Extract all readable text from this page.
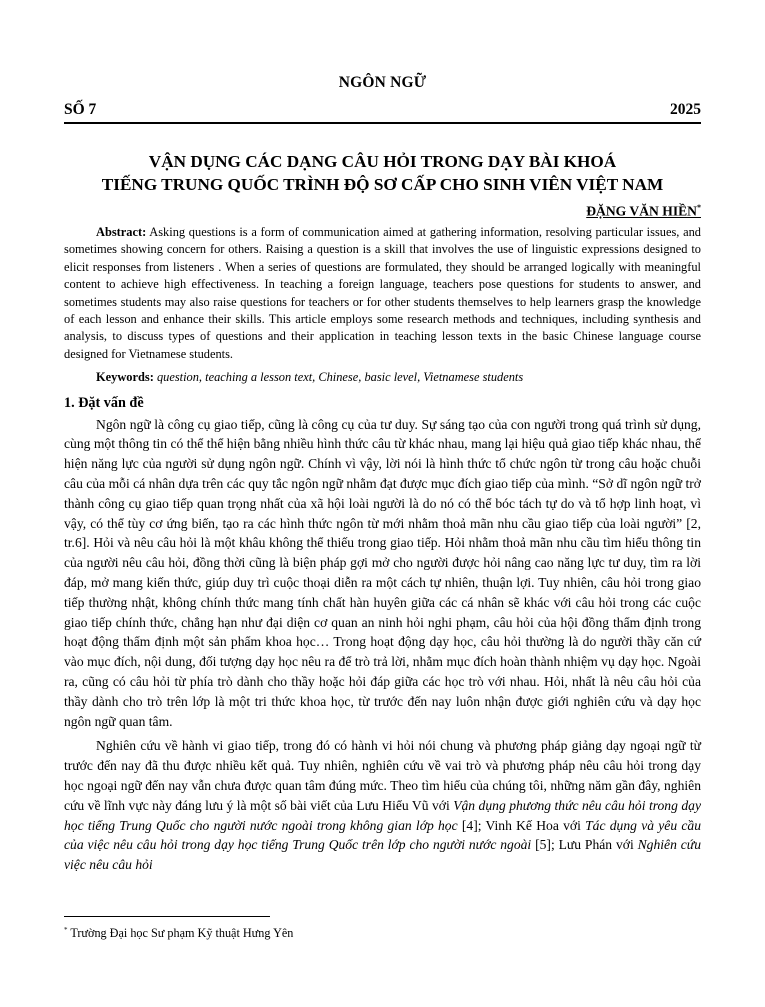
NGÔN NGỮ
SỐ 7	2025
VẬN DỤNG CÁC DẠNG CÂU HỎI TRONG DẠY BÀI KHOÁ
TIẾNG TRUNG QUỐC TRÌNH ĐỘ SƠ CẤP CHO SINH VIÊN VIỆT NAM
ĐẶNG VĂN HIỀN*

Abstract: Asking questions is a form of communication aimed at gathering information, resolving particular issues, and sometimes showing concern for others. Raising a question is a skill that involves the use of linguistic expressions designed to elicit responses from listeners . When a series of questions are formulated, they should be arranged logically with meaningful content to achieve high effectiveness. In teaching a foreign language, teachers pose questions for students to answer, and sometimes students may also raise questions for teachers or for other students themselves to help learners grasp the knowledge of each lesson and enhance their skills. This article employs some research methods and techniques, including synthesis and analysis, to discuss types of questions and their application in teaching lesson texts in the basic Chinese language course designed for Vietnamese students.

Keywords: question, teaching a lesson text, Chinese, basic level, Vietnamese students

1. Đặt vấn đề

Ngôn ngữ là công cụ giao tiếp, cũng là công cụ của tư duy. Sự sáng tạo của con người trong quá trình sử dụng, cùng một thông tin có thể thể hiện bằng nhiều hình thức câu từ khác nhau, mang lại hiệu quả giao tiếp khác nhau, thể hiện năng lực của người sử dụng ngôn ngữ. Chính vì vậy, lời nói là hình thức tổ chức ngôn từ trong câu hoặc chuỗi câu của mỗi cá nhân dựa trên các quy tắc ngôn ngữ nhằm đạt được mục đích giao tiếp của mình. “Sở dĩ ngôn ngữ trở thành công cụ giao tiếp quan trọng nhất của xã hội loài người là do nó có thể bóc tách tự do và tổ hợp linh hoạt, vì vậy, có thể tùy cơ ứng biến, tạo ra các hình thức ngôn từ mới nhằm thoả mãn nhu cầu giao tiếp của loài người” [2, tr.6]. Hỏi và nêu câu hỏi là một khâu không thể thiếu trong giao tiếp. Hỏi nhằm thoả mãn nhu cầu tìm hiểu thông tin của người nêu câu hỏi, đồng thời cũng là biện pháp gợi mở cho người được hỏi nâng cao năng lực tư duy, tìm ra lời đáp, mở mang kiến thức, giúp duy trì cuộc thoại diễn ra một cách tự nhiên, thuận lợi. Tuy nhiên, câu hỏi trong giao tiếp thường nhật, không chính thức mang tính chất hàn huyên giữa các cá nhân sẽ khác với câu hỏi trong các cuộc giao tiếp chính thức, chẳng hạn như đại diện cơ quan an ninh hỏi nghi phạm, câu hỏi của hội đồng thẩm định trong hoạt động thẩm định một sản phẩm khoa học… Trong hoạt động dạy học, câu hỏi thường là do người thầy căn cứ vào mục đích, nội dung, đối tượng dạy học nêu ra để trò trả lời, nhằm mục đích hoàn thành nhiệm vụ dạy học. Ngoài ra, cũng có câu hỏi từ phía trò dành cho thầy hoặc hỏi đáp giữa các học trò với nhau. Hỏi, nhất là nêu câu hỏi của thầy dành cho trò trên lớp là một tri thức khoa học, từ trước đến nay luôn nhận được giới nghiên cứu và dạy học ngôn ngữ quan tâm.

Nghiên cứu về hành vi giao tiếp, trong đó có hành vi hỏi nói chung và phương pháp giảng dạy ngoại ngữ từ trước đến nay đã thu được nhiều kết quả. Tuy nhiên, nghiên cứu về vai trò và phương pháp nêu câu hỏi trong dạy học ngoại ngữ đến nay vẫn chưa được quan tâm đúng mức. Theo tìm hiểu của chúng tôi, những năm gần đây, nghiên cứu về lĩnh vực này đáng lưu ý là một số bài viết của Lưu Hiểu Vũ với Vận dụng phương thức nêu câu hỏi trong dạy học tiếng Trung Quốc cho người nước ngoài trong không gian lớp học [4]; Vinh Kế Hoa với Tác dụng và yêu cầu của việc nêu câu hỏi trong dạy học tiếng Trung Quốc trên lớp cho người nước ngoài [5]; Lưu Phán với Nghiên cứu việc nêu câu hỏi

* Trường Đại học Sư phạm Kỹ thuật Hưng Yên
